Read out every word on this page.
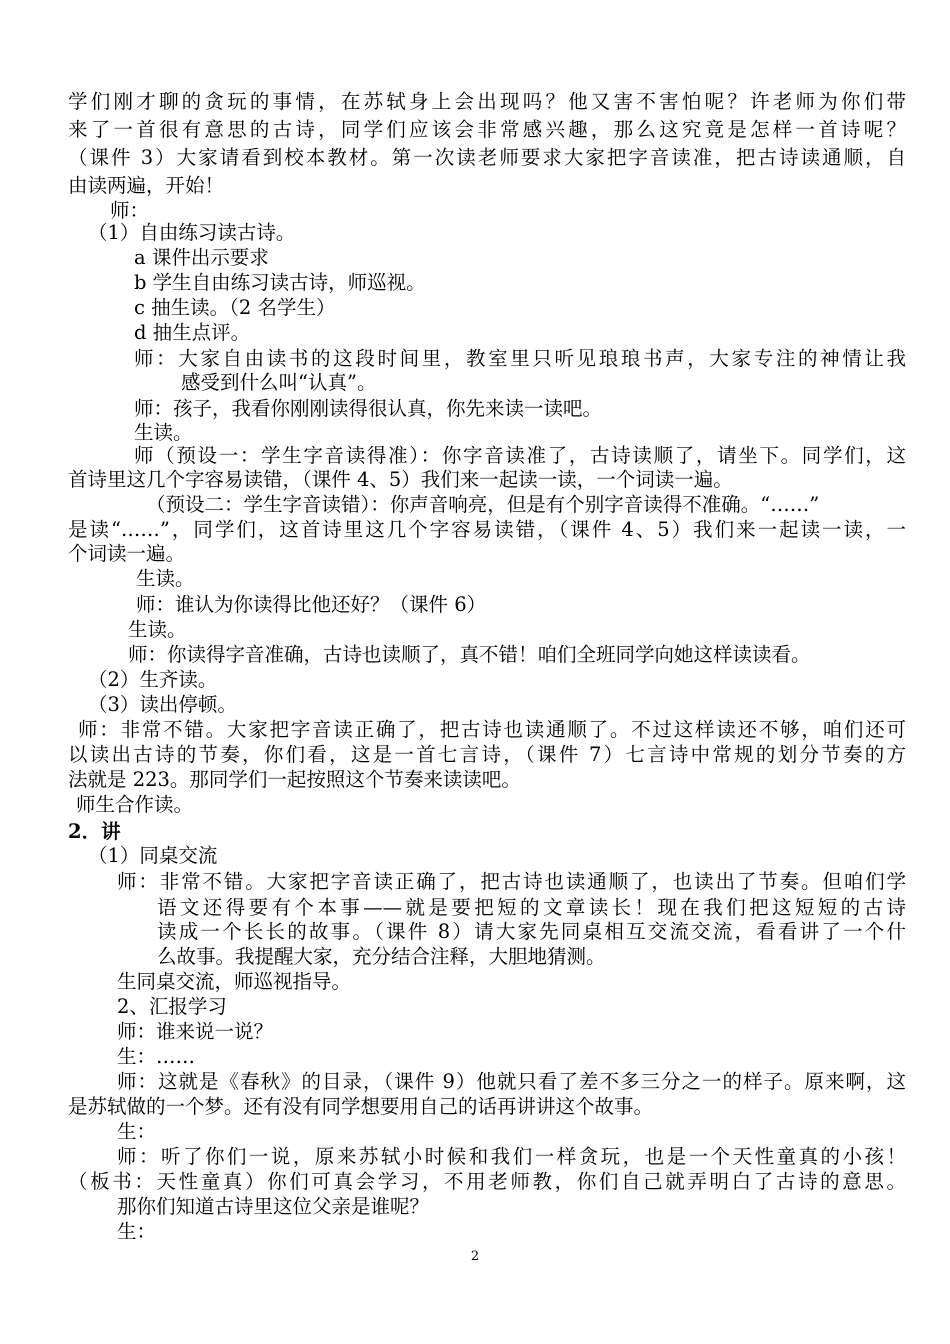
学们刚才聊的贪玩的事情，在苏轼身上会出现吗？他又害不害怕呢？许老师为你们带
来了一首很有意思的古诗，同学们应该会非常感兴趣，那么这究竟是怎样一首诗呢？
（课件 3）大家请看到校本教材。第一次读老师要求大家把字音读准，把古诗读通顺，自
由读两遍，开始！
师：
（1）自由练习读古诗。
a 课件出示要求
b 学生自由练习读古诗，师巡视。
c 抽生读。（2 名学生）
d 抽生点评。
师：大家自由读书的这段时间里，教室里只听见琅琅书声，大家专注的神情让我
感受到什么叫“认真”。
师：孩子，我看你刚刚读得很认真，你先来读一读吧。
生读。
师（预设一：学生字音读得准）：你字音读准了，古诗读顺了，请坐下。同学们，这
首诗里这几个字容易读错，（课件 4、5）我们来一起读一读，一个词读一遍。
（预设二：学生字音读错）：你声音响亮，但是有个别字音读得不准确。“……”
是读“……”，同学们，这首诗里这几个字容易读错，（课件 4、5）我们来一起读一读，一
个词读一遍。
生读。
师：谁认为你读得比他还好？（课件 6）
生读。
师：你读得字音准确，古诗也读顺了，真不错！咱们全班同学向她这样读读看。
（2）生齐读。
（3）读出停顿。
师：非常不错。大家把字音读正确了，把古诗也读通顺了。不过这样读还不够，咱们还可
以读出古诗的节奏，你们看，这是一首七言诗，（课件 7）七言诗中常规的划分节奏的方
法就是 223。那同学们一起按照这个节奏来读读吧。
师生合作读。
2．讲
（1）同桌交流
师：非常不错。大家把字音读正确了，把古诗也读通顺了，也读出了节奏。但咱们学
语文还得要有个本事——就是要把短的文章读长！现在我们把这短短的古诗
读成一个长长的故事。（课件 8）请大家先同桌相互交流交流，看看讲了一个什
么故事。我提醒大家，充分结合注释，大胆地猜测。
生同桌交流，师巡视指导。
2、汇报学习
师：谁来说一说？
生：……
师：这就是《春秋》的目录，（课件 9）他就只看了差不多三分之一的样子。原来啊，这
是苏轼做的一个梦。还有没有同学想要用自己的话再讲讲这个故事。
生：
师：听了你们一说，原来苏轼小时候和我们一样贪玩，也是一个天性童真的小孩！
（板书：天性童真）你们可真会学习，不用老师教，你们自己就弄明白了古诗的意思。
那你们知道古诗里这位父亲是谁呢？
生：
2
